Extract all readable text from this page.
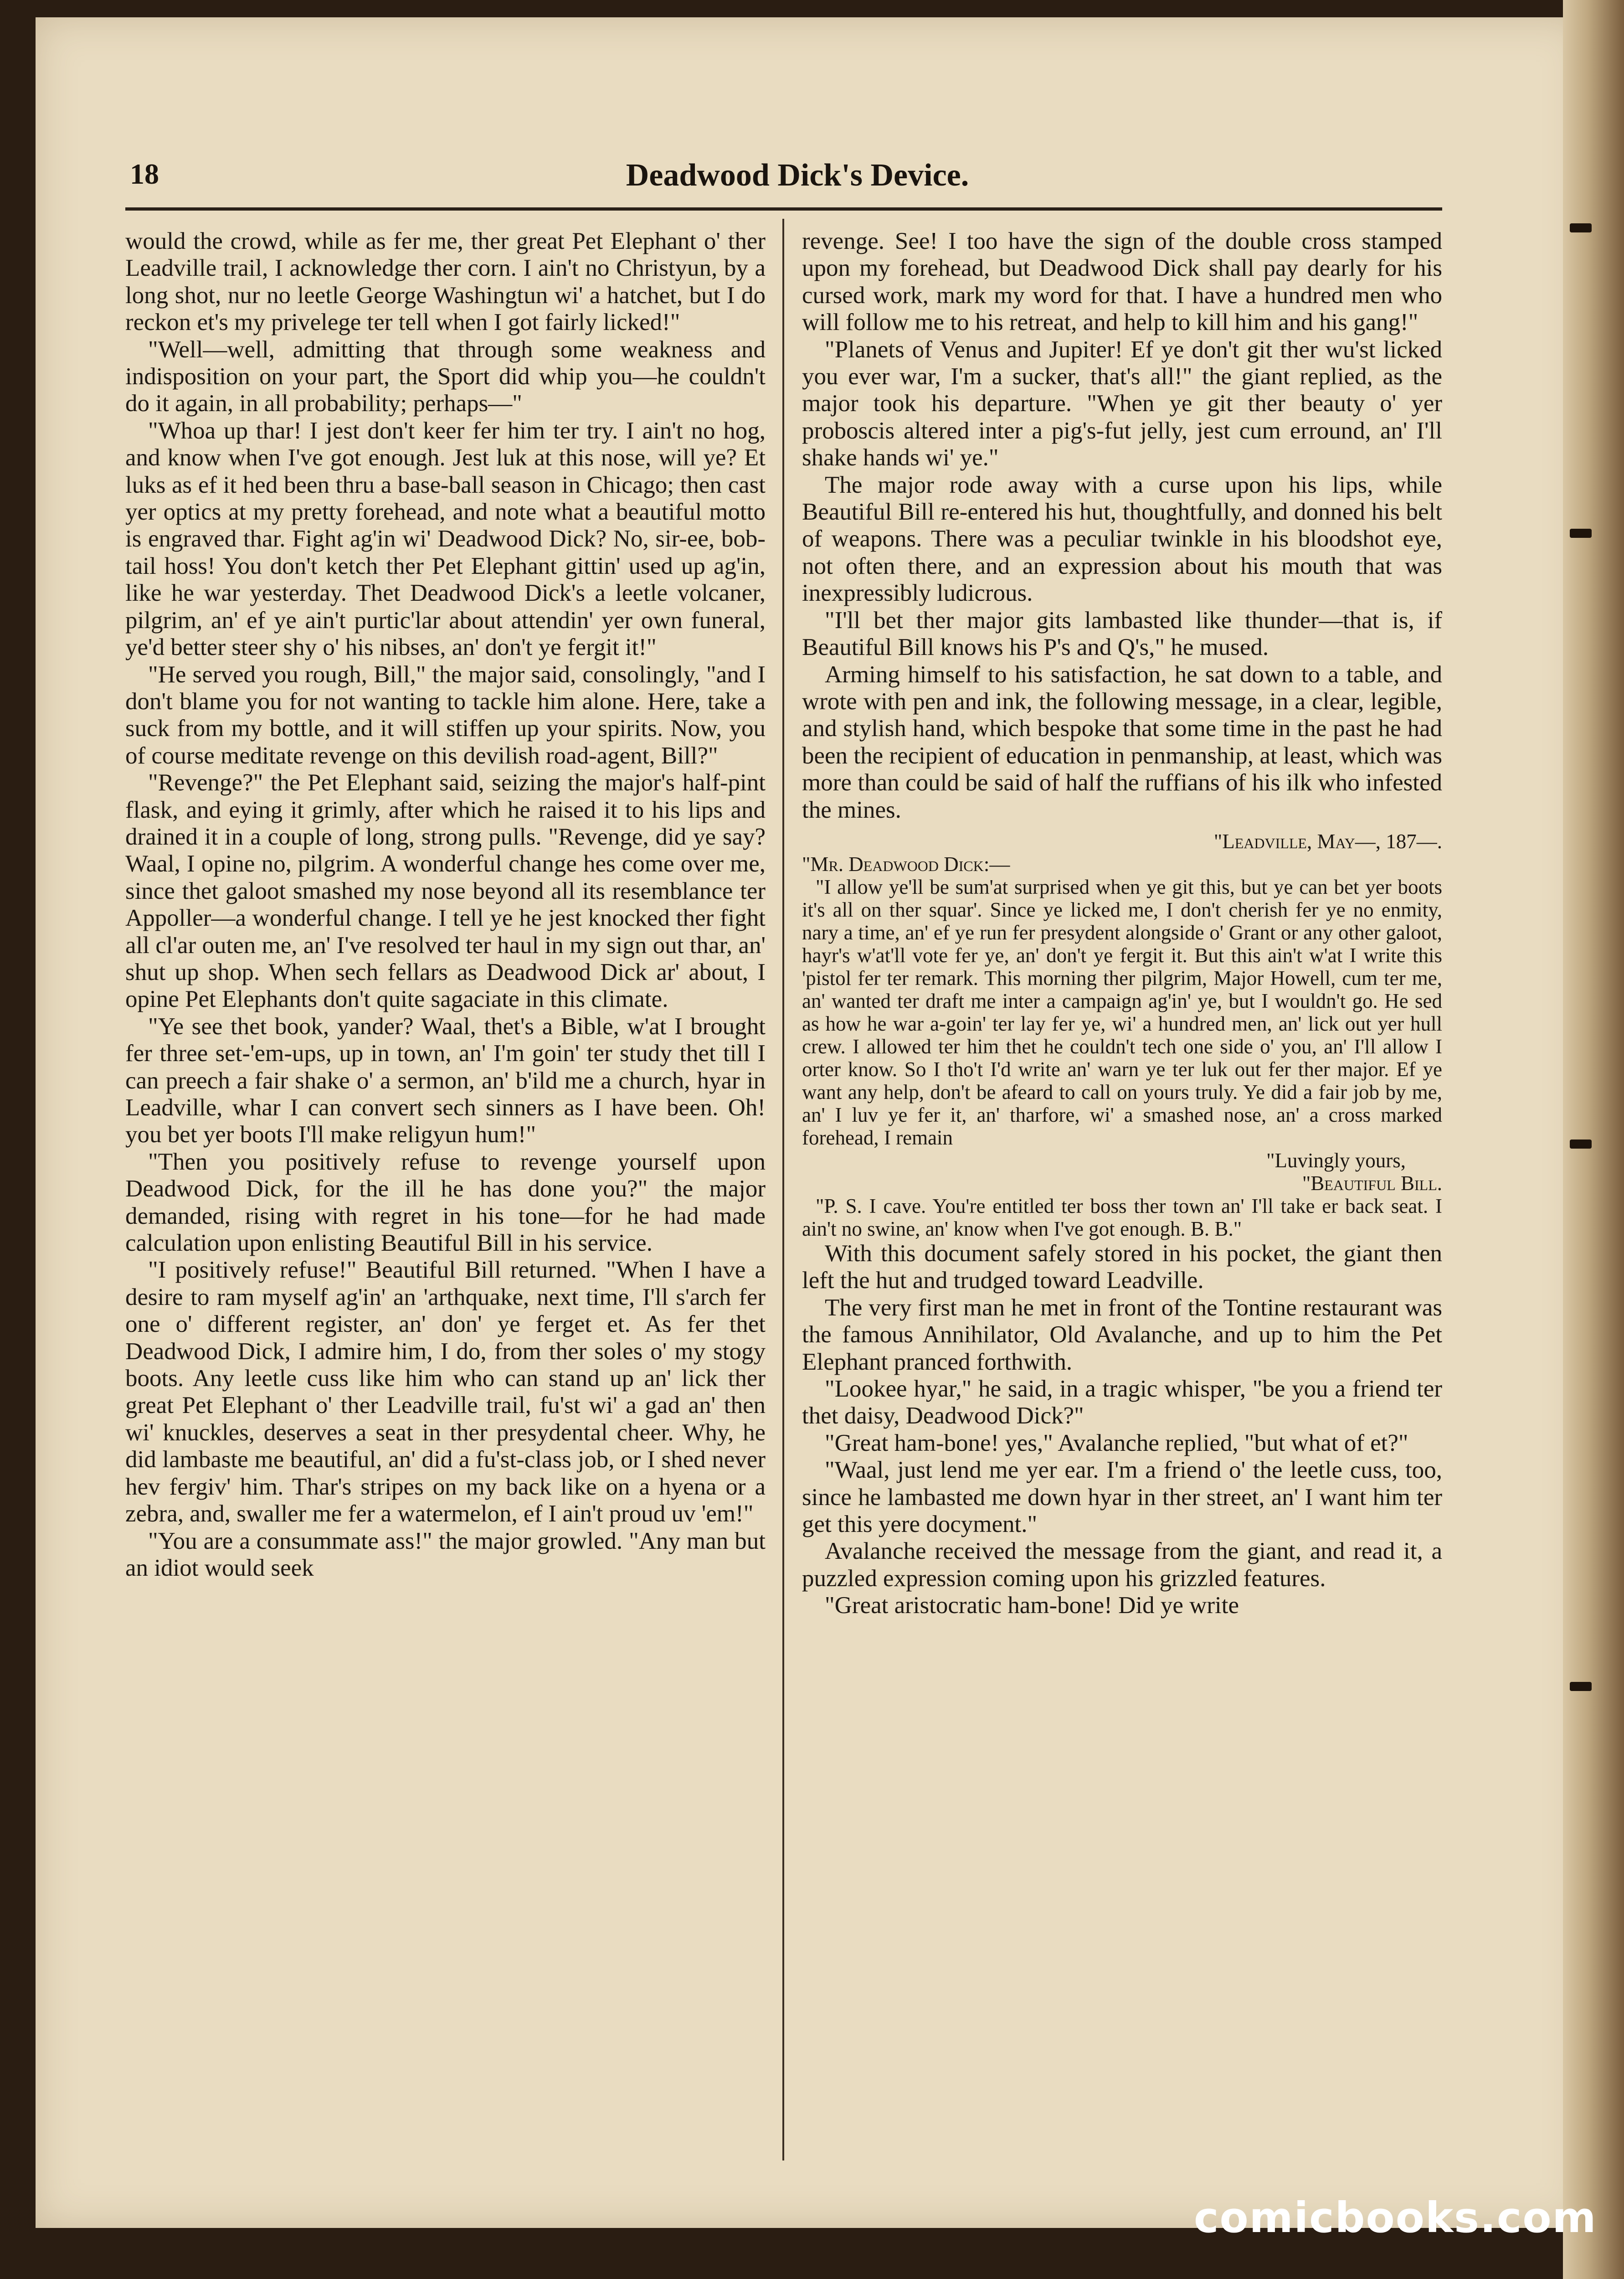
18	Deadwood Dick's Device.

would the crowd, while as fer me, ther great Pet Elephant o' ther Leadville trail, I acknowledge ther corn. I ain't no Christyun, by a long shot, nur no leetle George Washingtun wi' a hatchet, but I do reckon et's my privelege ter tell when I got fairly licked!"

"Well—well, admitting that through some weakness and indisposition on your part, the Sport did whip you—he couldn't do it again, in all probability; perhaps—"

"Whoa up thar! I jest don't keer fer him ter try. I ain't no hog, and know when I've got enough. Jest luk at this nose, will ye? Et luks as ef it hed been thru a base-ball season in Chicago; then cast yer optics at my pretty forehead, and note what a beautiful motto is engraved thar. Fight ag'in wi' Deadwood Dick? No, sir-ee, bob-tail hoss! You don't ketch ther Pet Elephant gittin' used up ag'in, like he war yesterday. Thet Deadwood Dick's a leetle volcaner, pilgrim, an' ef ye ain't purtic'lar about attendin' yer own funeral, ye'd better steer shy o' his nibses, an' don't ye fergit it!"

"He served you rough, Bill," the major said, consolingly, "and I don't blame you for not wanting to tackle him alone. Here, take a suck from my bottle, and it will stiffen up your spirits. Now, you of course meditate revenge on this devilish road-agent, Bill?"

"Revenge?" the Pet Elephant said, seizing the major's half-pint flask, and eying it grimly, after which he raised it to his lips and drained it in a couple of long, strong pulls. "Revenge, did ye say? Waal, I opine no, pilgrim. A wonderful change hes come over me, since thet galoot smashed my nose beyond all its resemblance ter Appoller—a wonderful change. I tell ye he jest knocked ther fight all cl'ar outen me, an' I've resolved ter haul in my sign out thar, an' shut up shop. When sech fellars as Deadwood Dick ar' about, I opine Pet Elephants don't quite sagaciate in this climate.

"Ye see thet book, yander? Waal, thet's a Bible, w'at I brought fer three set-'em-ups, up in town, an' I'm goin' ter study thet till I can preech a fair shake o' a sermon, an' b'ild me a church, hyar in Leadville, whar I can convert sech sinners as I have been. Oh! you bet yer boots I'll make religyun hum!"

"Then you positively refuse to revenge yourself upon Deadwood Dick, for the ill he has done you?" the major demanded, rising with regret in his tone—for he had made calculation upon enlisting Beautiful Bill in his service.

"I positively refuse!" Beautiful Bill returned. "When I have a desire to ram myself ag'in' an 'arthquake, next time, I'll s'arch fer one o' different register, an' don' ye ferget et. As fer thet Deadwood Dick, I admire him, I do, from ther soles o' my stogy boots. Any leetle cuss like him who can stand up an' lick ther great Pet Elephant o' ther Leadville trail, fu'st wi' a gad an' then wi' knuckles, deserves a seat in ther presydental cheer. Why, he did lambaste me beautiful, an' did a fu'st-class job, or I shed never hev fergiv' him. Thar's stripes on my back like on a hyena or a zebra, and, swaller me fer a watermelon, ef I ain't proud uv 'em!"

"You are a consummate ass!" the major growled. "Any man but an idiot would seek

revenge. See! I too have the sign of the double cross stamped upon my forehead, but Deadwood Dick shall pay dearly for his cursed work, mark my word for that. I have a hundred men who will follow me to his retreat, and help to kill him and his gang!"

"Planets of Venus and Jupiter! Ef ye don't git ther wu'st licked you ever war, I'm a sucker, that's all!" the giant replied, as the major took his departure. "When ye git ther beauty o' yer proboscis altered inter a pig's-fut jelly, jest cum erround, an' I'll shake hands wi' ye."

The major rode away with a curse upon his lips, while Beautiful Bill re-entered his hut, thoughtfully, and donned his belt of weapons. There was a peculiar twinkle in his bloodshot eye, not often there, and an expression about his mouth that was inexpressibly ludicrous.

"I'll bet ther major gits lambasted like thunder—that is, if Beautiful Bill knows his P's and Q's," he mused.

Arming himself to his satisfaction, he sat down to a table, and wrote with pen and ink, the following message, in a clear, legible, and stylish hand, which bespoke that some time in the past he had been the recipient of education in penmanship, at least, which was more than could be said of half the ruffians of his ilk who infested the mines.

"Leadville, May—, 187—.

"Mr. Deadwood Dick:—

"I allow ye'll be sum'at surprised when ye git this, but ye can bet yer boots it's all on ther squar'. Since ye licked me, I don't cherish fer ye no enmity, nary a time, an' ef ye run fer presydent alongside o' Grant or any other galoot, hayr's w'at'll vote fer ye, an' don't ye fergit it. But this ain't w'at I write this 'pistol fer ter remark. This morning ther pilgrim, Major Howell, cum ter me, an' wanted ter draft me inter a campaign ag'in' ye, but I wouldn't go. He sed as how he war a-goin' ter lay fer ye, wi' a hundred men, an' lick out yer hull crew. I allowed ter him thet he couldn't tech one side o' you, an' I'll allow I orter know. So I tho't I'd write an' warn ye ter luk out fer ther major. Ef ye want any help, don't be afeard to call on yours truly. Ye did a fair job by me, an' I luv ye fer it, an' tharfore, wi' a smashed nose, an' a cross marked forehead, I remain

"Luvingly yours,

"Beautiful Bill.

"P. S. I cave. You're entitled ter boss ther town an' I'll take er back seat. I ain't no swine, an' know when I've got enough. B. B."

With this document safely stored in his pocket, the giant then left the hut and trudged toward Leadville.

The very first man he met in front of the Tontine restaurant was the famous Annihilator, Old Avalanche, and up to him the Pet Elephant pranced forthwith.

"Lookee hyar," he said, in a tragic whisper, "be you a friend ter thet daisy, Deadwood Dick?"

"Great ham-bone! yes," Avalanche replied, "but what of et?"

"Waal, just lend me yer ear. I'm a friend o' the leetle cuss, too, since he lambasted me down hyar in ther street, an' I want him ter get this yere docyment."

Avalanche received the message from the giant, and read it, a puzzled expression coming upon his grizzled features.

"Great aristocratic ham-bone! Did ye write

comicbooks.com
